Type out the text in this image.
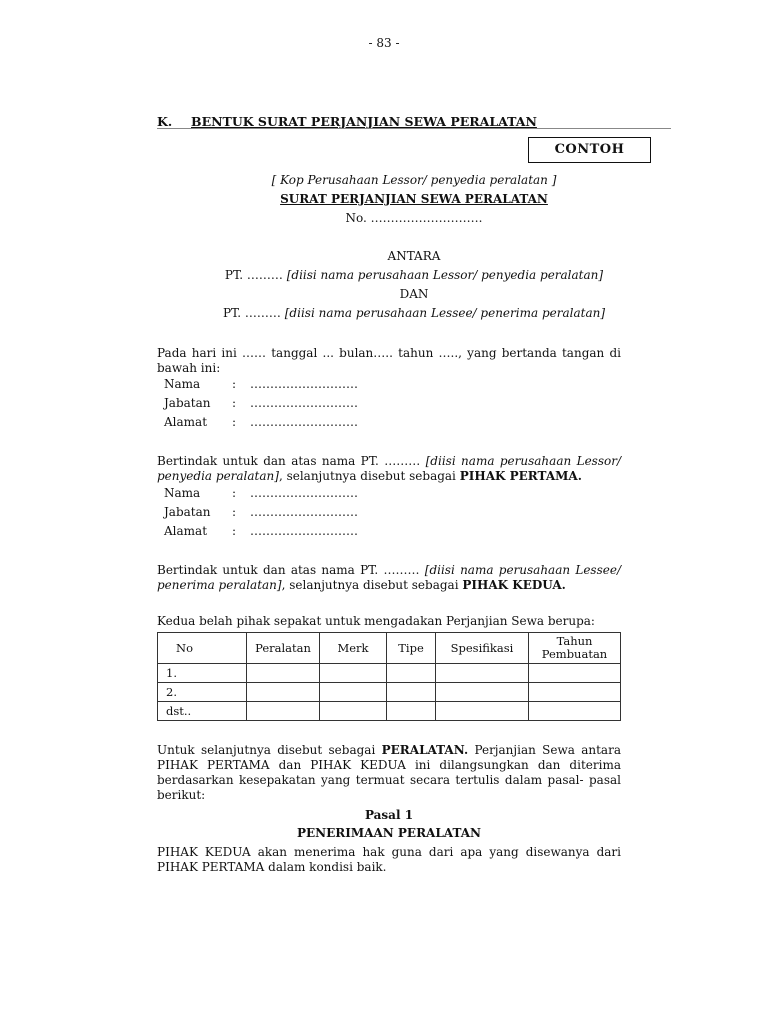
- 83 -
K. BENTUK SURAT PERJANJIAN SEWA PERALATAN
CONTOH
[ Kop Perusahaan Lessor/ penyedia peralatan ]
SURAT PERJANJIAN SEWA PERALATAN
No. ……………………….
ANTARA
PT. ……… [diisi nama perusahaan Lessor/ penyedia peralatan]
DAN
PT. ……… [diisi nama perusahaan Lessee/ penerima peralatan]
Pada hari ini …… tanggal ... bulan….. tahun ….., yang bertanda tangan di bawah ini:
Nama	: ………………………
Jabatan : ………………………
Alamat : ………………………
Bertindak untuk dan atas nama PT. ……… [diisi nama perusahaan Lessor/ penyedia peralatan], selanjutnya disebut sebagai PIHAK PERTAMA.
Nama	: ………………………
Jabatan : ………………………
Alamat : ………………………
Bertindak untuk dan atas nama PT. ……… [diisi nama perusahaan Lessee/ penerima peralatan], selanjutnya disebut sebagai PIHAK KEDUA.
Kedua belah pihak sepakat untuk mengadakan Perjanjian Sewa berupa:
No	Peralatan	Merk	Tipe	Spesifikasi	Tahun Pembuatan
1.					
2.					
dst..					
Untuk selanjutnya disebut sebagai PERALATAN. Perjanjian Sewa antara PIHAK PERTAMA dan PIHAK KEDUA ini dilangsungkan dan diterima berdasarkan kesepakatan yang termuat secara tertulis dalam pasal- pasal berikut:
Pasal 1
PENERIMAAN PERALATAN
PIHAK KEDUA akan menerima hak guna dari apa yang disewanya dari PIHAK PERTAMA dalam kondisi baik.
